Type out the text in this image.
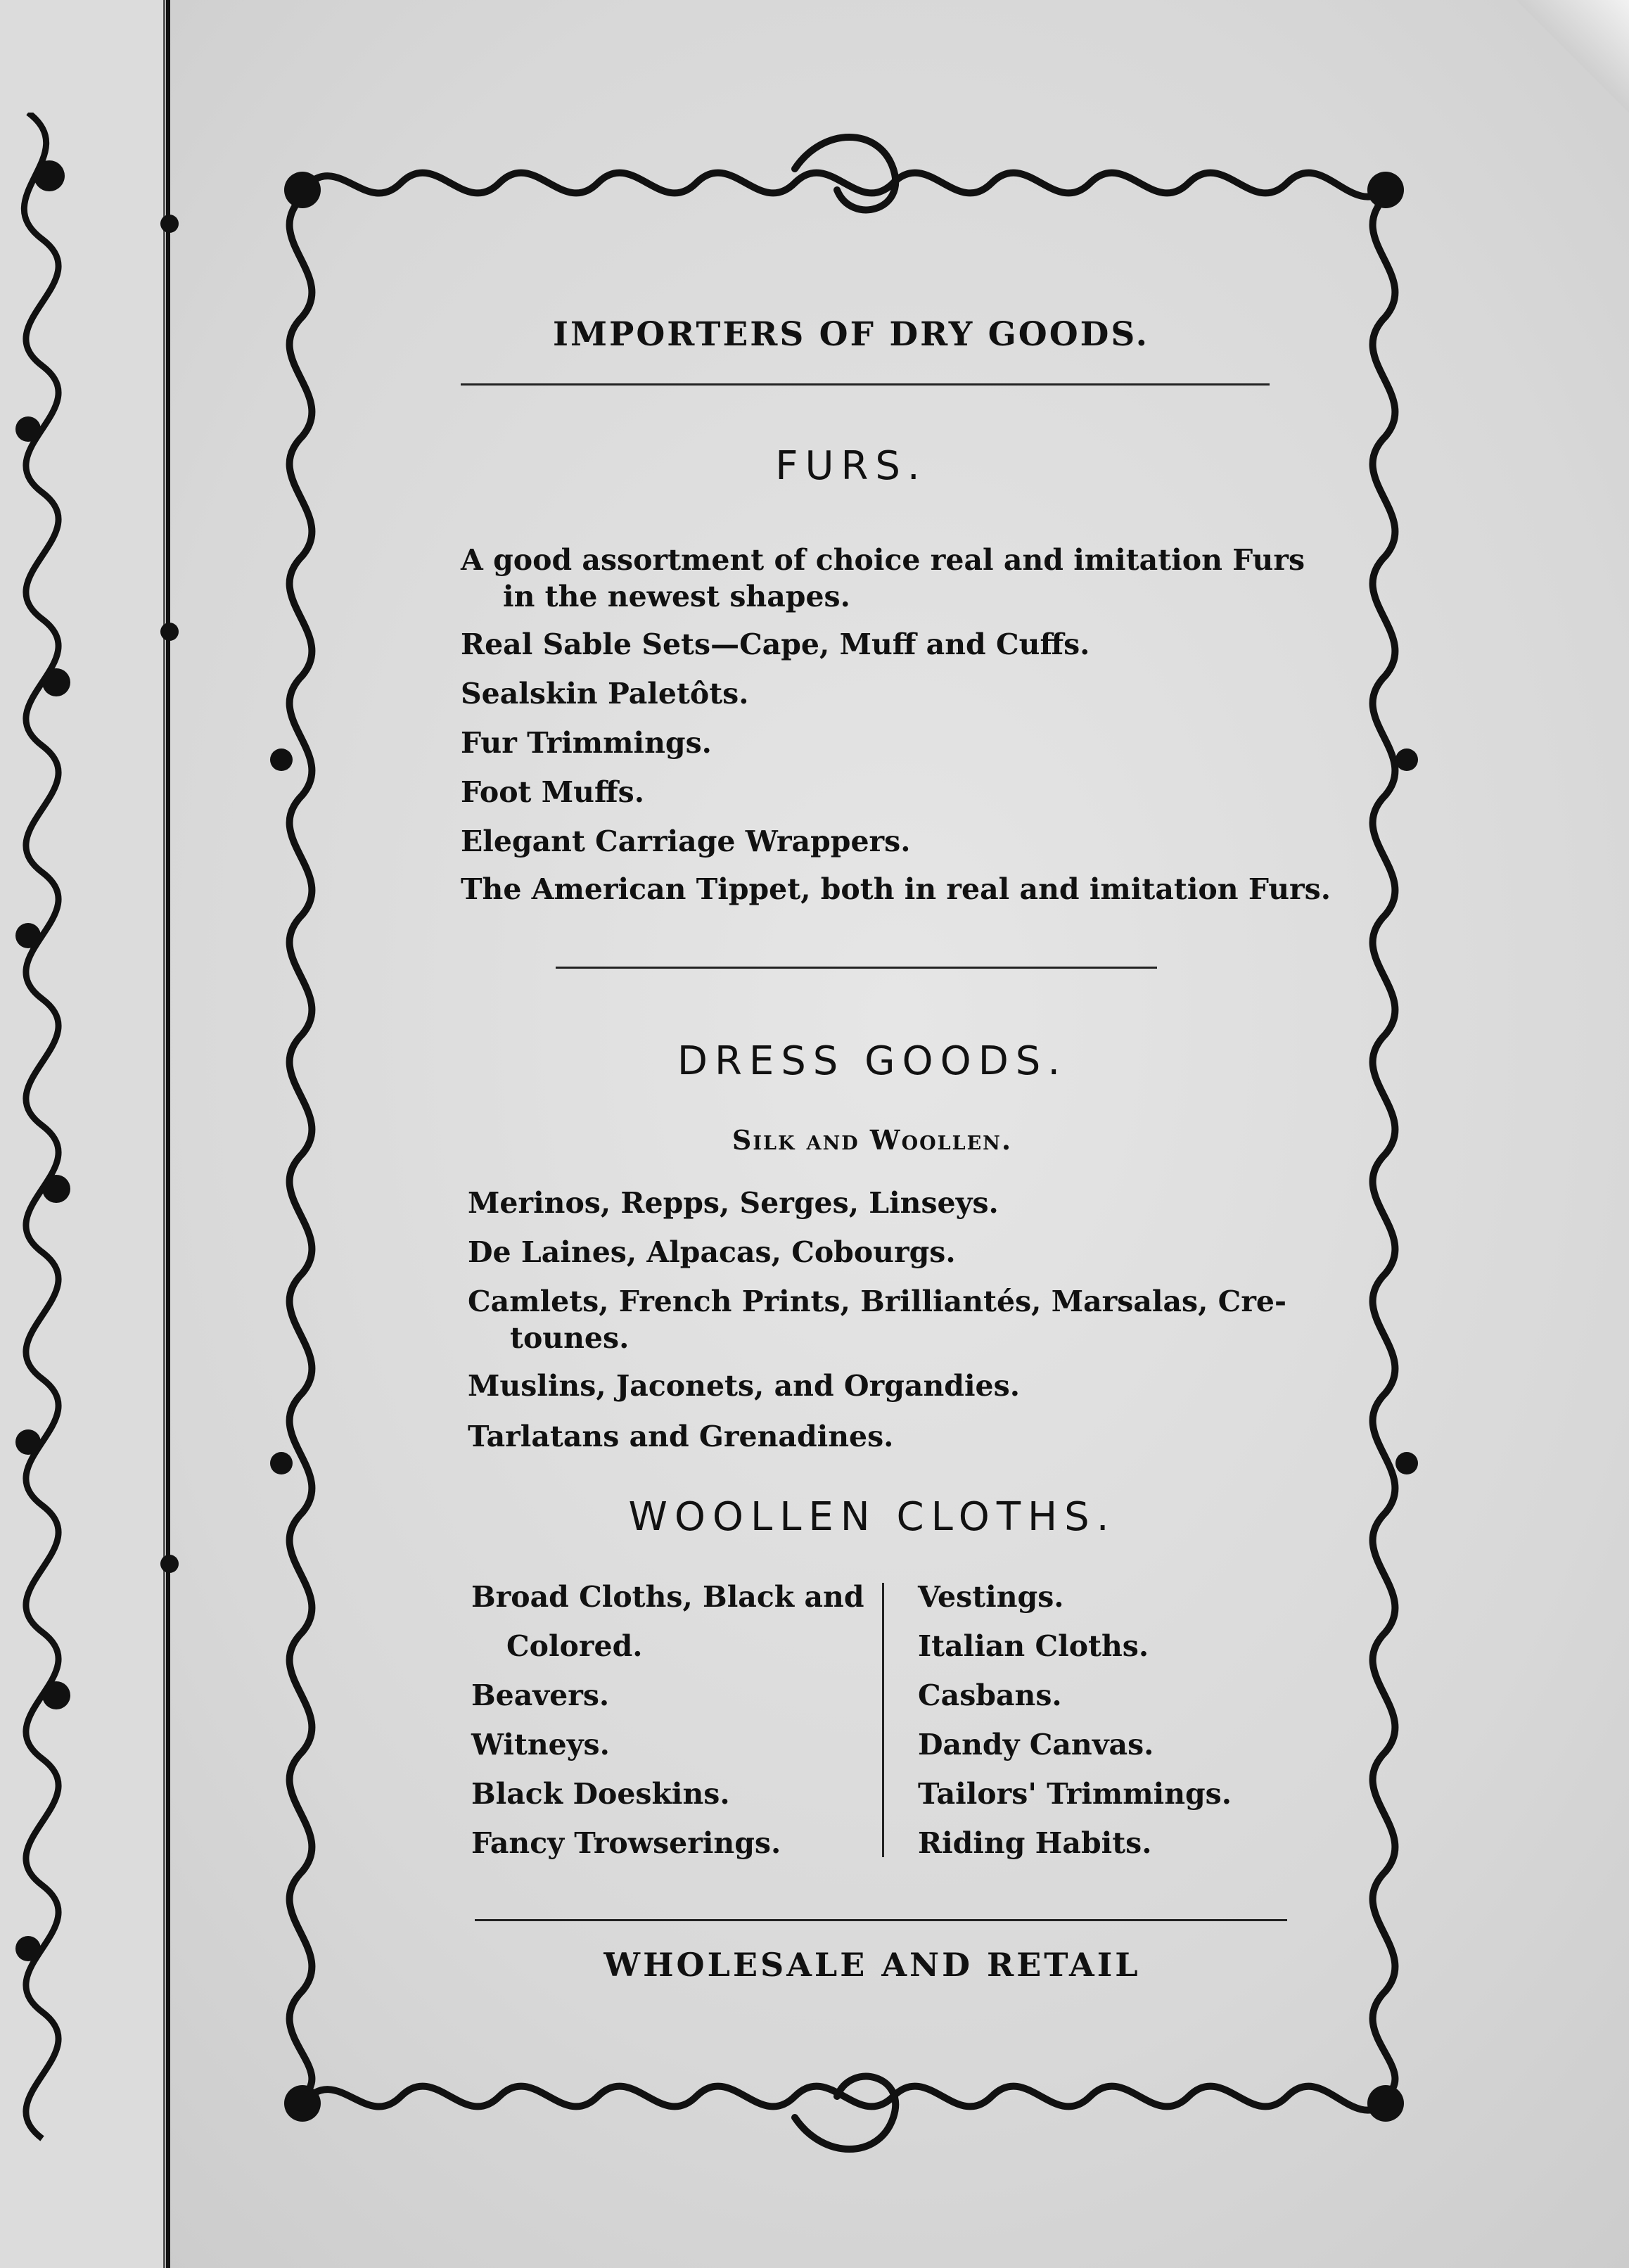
IMPORTERS OF DRY GOODS.
FURS.
A good assortment of choice real and imitation Furs
in the newest shapes.
Real Sable Sets—Cape, Muff and Cuffs.
Sealskin Paletôts.
Fur Trimmings.
Foot Muffs.
Elegant Carriage Wrappers.
The American Tippet, both in real and imitation Furs.
DRESS GOODS.
Silk and Woollen.
Merinos, Repps, Serges, Linseys.
De Laines, Alpacas, Cobourgs.
Camlets, French Prints, Brilliantés, Marsalas, Cre-
tounes.
Muslins, Jaconets, and Organdies.
Tarlatans and Grenadines.
WOOLLEN CLOTHS.
Broad Cloths, Black and
Colored.
Beavers.
Witneys.
Black Doeskins.
Fancy Trowserings.
Vestings.
Italian Cloths.
Casbans.
Dandy Canvas.
Tailors' Trimmings.
Riding Habits.
WHOLESALE AND RETAIL
